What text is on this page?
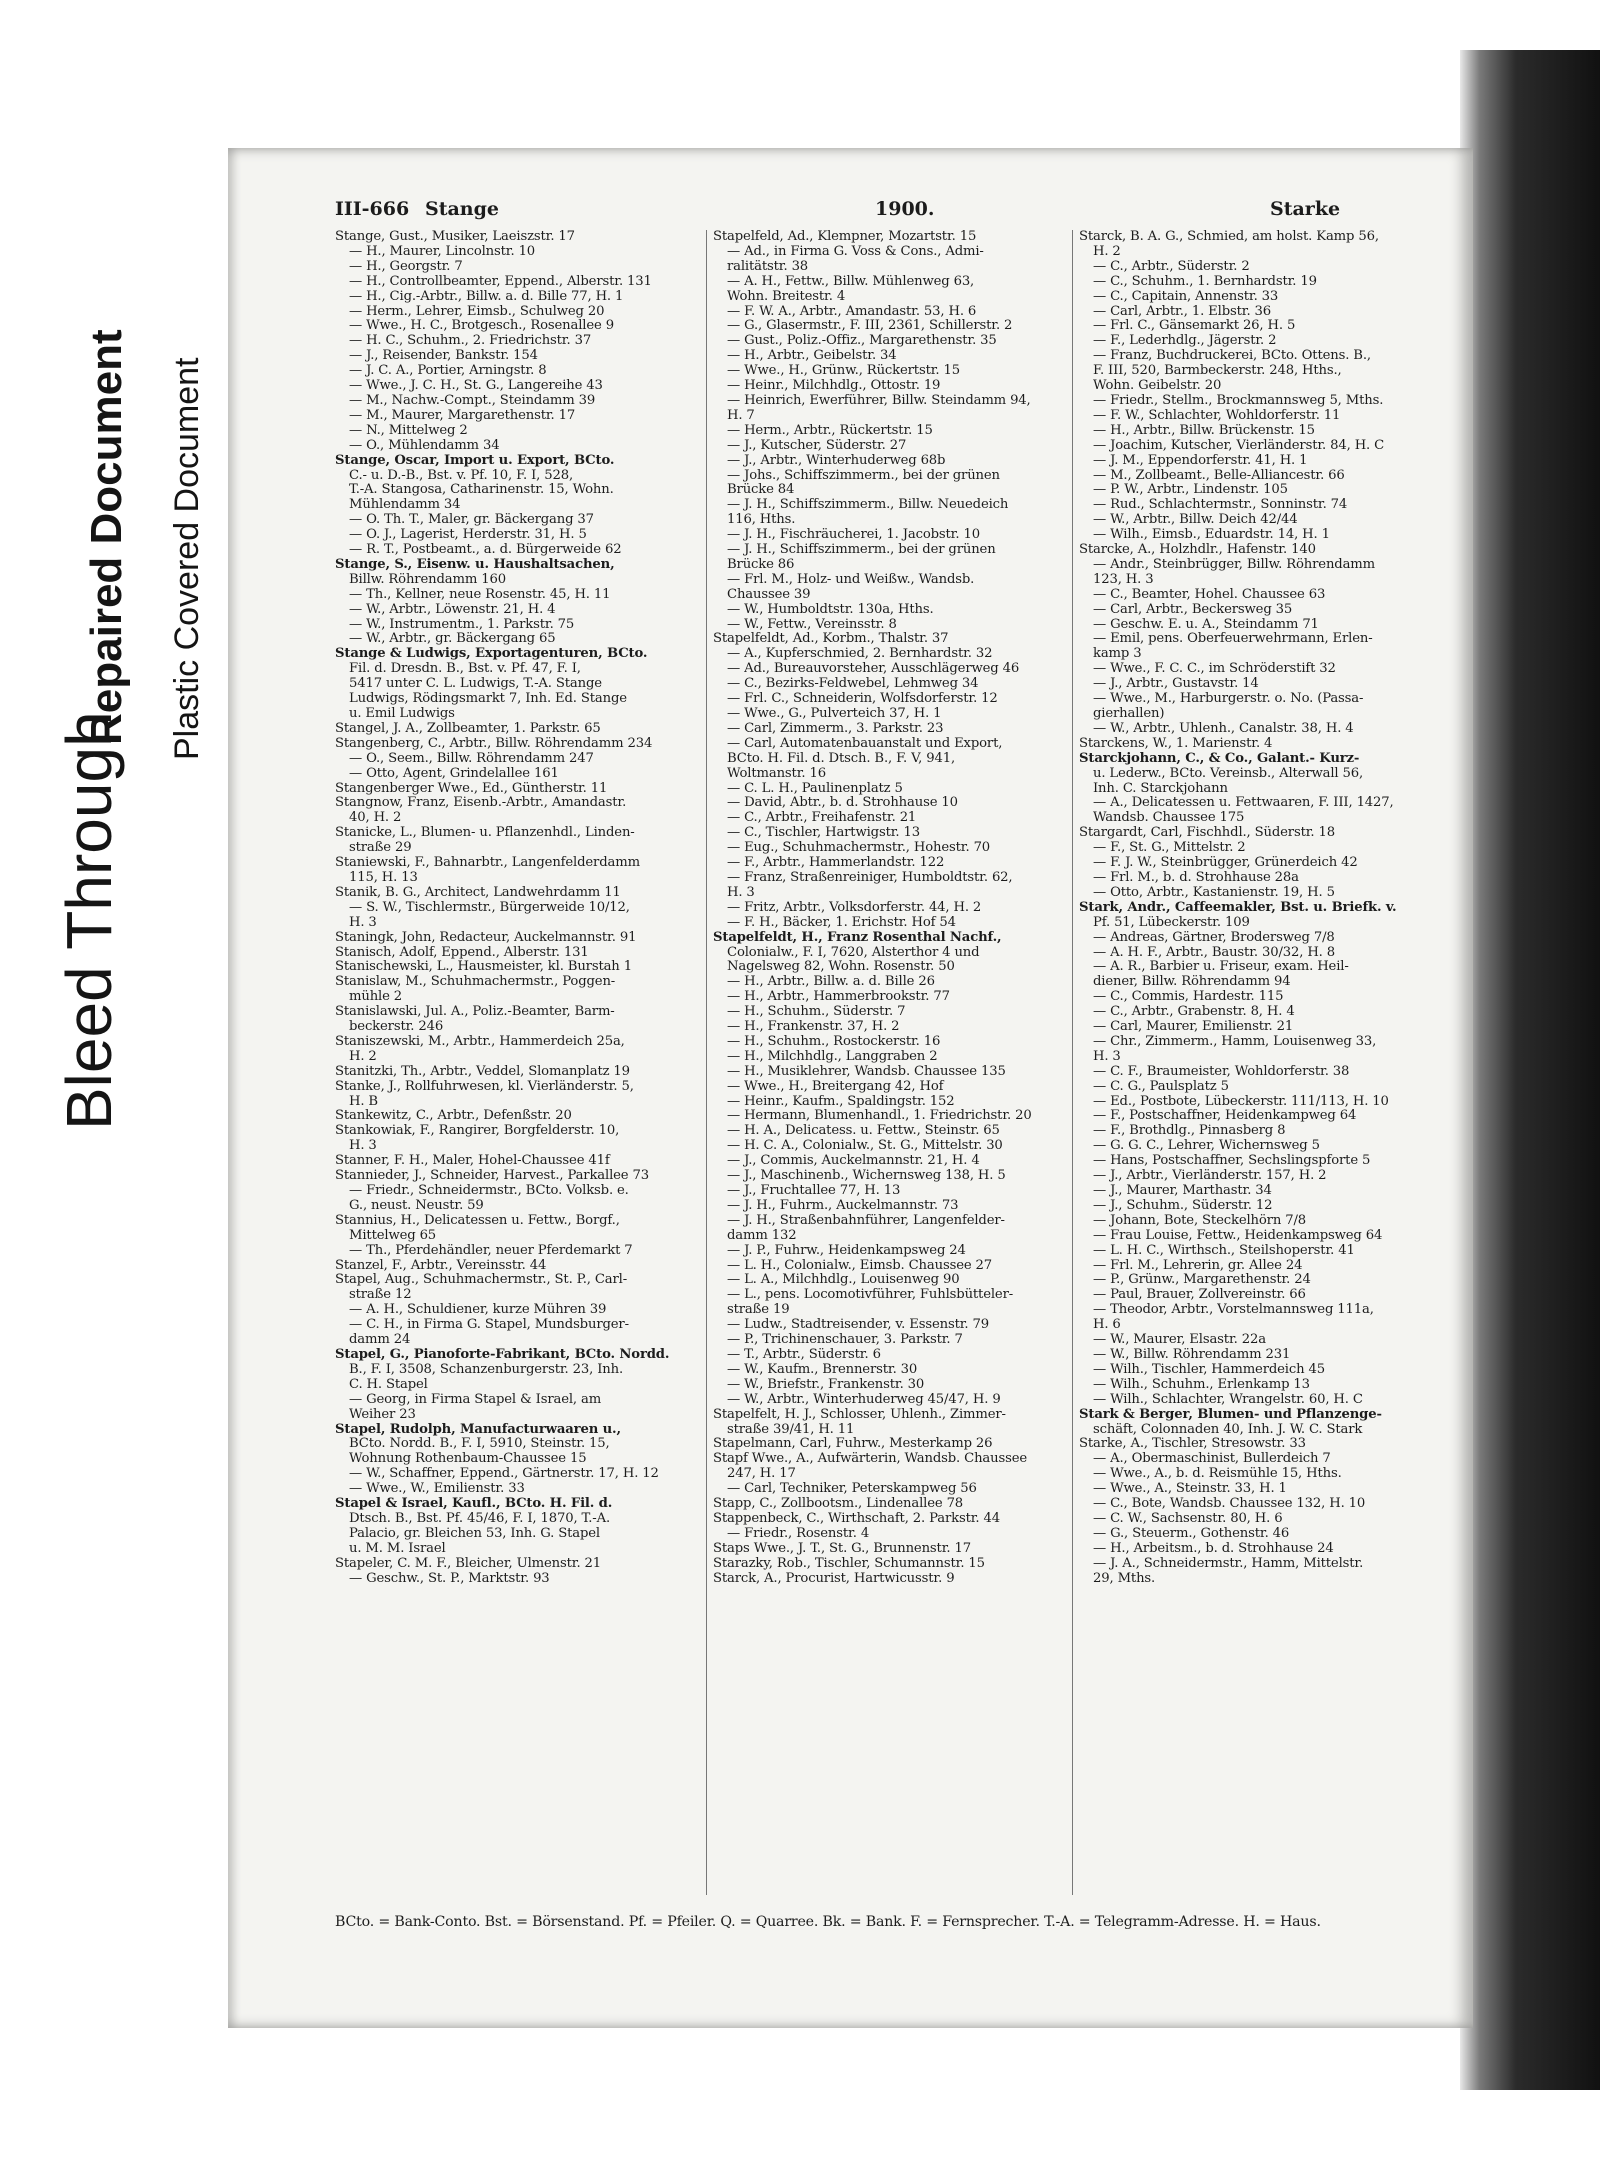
Bleed Through
Repaired Document Plastic Covered Document
III-666 Stange	1900.	Starke
Stange, Gust., Musiker, Laeiszstr. 17
— H., Maurer, Lincolnstr. 10
— H., Georgstr. 7
— H., Controllbeamter, Eppend., Alberstr. 131
— H., Cig.-Arbtr., Billw. a. d. Bille 77, H. 1
— Herm., Lehrer, Eimsb., Schulweg 20
— Wwe., H. C., Brotgesch., Rosenallee 9
— H. C., Schuhm., 2. Friedrichstr. 37
— J., Reisender, Bankstr. 154
— J. C. A., Portier, Arningstr. 8
— Wwe., J. C. H., St. G., Langereihe 43
— M., Nachw.-Compt., Steindamm 39
— M., Maurer, Margarethenstr. 17
— N., Mittelweg 2
— O., Mühlendamm 34
Stange, Oscar, Import u. Export, BCto.
C.- u. D.-B., Bst. v. Pf. 10, F. I, 528,
T.-A. Stangosa, Catharinenstr. 15, Wohn.
Mühlendamm 34
— O. Th. T., Maler, gr. Bäckergang 37
— O. J., Lagerist, Herderstr. 31, H. 5
— R. T., Postbeamt., a. d. Bürgerweide 62
Stange, S., Eisenw. u. Haushaltsachen,
Billw. Röhrendamm 160
— Th., Kellner, neue Rosenstr. 45, H. 11
— W., Arbtr., Löwenstr. 21, H. 4
— W., Instrumentm., 1. Parkstr. 75
— W., Arbtr., gr. Bäckergang 65
Stange & Ludwigs, Exportagenturen, BCto.
Fil. d. Dresdn. B., Bst. v. Pf. 47, F. I,
5417 unter C. L. Ludwigs, T.-A. Stange
Ludwigs, Rödingsmarkt 7, Inh. Ed. Stange
u. Emil Ludwigs
Stangel, J. A., Zollbeamter, 1. Parkstr. 65
Stangenberg, C., Arbtr., Billw. Röhrendamm 234
— O., Seem., Billw. Röhrendamm 247
— Otto, Agent, Grindelallee 161
Stangenberger Wwe., Ed., Güntherstr. 11
Stangnow, Franz, Eisenb.-Arbtr., Amandastr.
40, H. 2
Stanicke, L., Blumen- u. Pflanzenhdl., Linden-
straße 29
Staniewski, F., Bahnarbtr., Langenfelderdamm
115, H. 13
Stanik, B. G., Architect, Landwehrdamm 11
— S. W., Tischlermstr., Bürgerweide 10/12,
H. 3
Staningk, John, Redacteur, Auckelmannstr. 91
Stanisch, Adolf, Eppend., Alberstr. 131
Stanischewski, L., Hausmeister, kl. Burstah 1
Stanislaw, M., Schuhmachermstr., Poggen-
mühle 2
Stanislawski, Jul. A., Poliz.-Beamter, Barm-
beckerstr. 246
Staniszewski, M., Arbtr., Hammerdeich 25a,
H. 2
Stanitzki, Th., Arbtr., Veddel, Slomanplatz 19
Stanke, J., Rollfuhrwesen, kl. Vierländerstr. 5,
H. B
Stankewitz, C., Arbtr., Defenßstr. 20
Stankowiak, F., Rangirer, Borgfelderstr. 10,
H. 3
Stanner, F. H., Maler, Hohel-Chaussee 41f
Stannieder, J., Schneider, Harvest., Parkallee 73
— Friedr., Schneidermstr., BCto. Volksb. e.
G., neust. Neustr. 59
Stannius, H., Delicatessen u. Fettw., Borgf.,
Mittelweg 65
— Th., Pferdehändler, neuer Pferdemarkt 7
Stanzel, F., Arbtr., Vereinsstr. 44
Stapel, Aug., Schuhmachermstr., St. P., Carl-
straße 12
— A. H., Schuldiener, kurze Mühren 39
— C. H., in Firma G. Stapel, Mundsburger-
damm 24
Stapel, G., Pianoforte-Fabrikant, BCto. Nordd.
B., F. I, 3508, Schanzenburgerstr. 23, Inh.
C. H. Stapel
— Georg, in Firma Stapel & Israel, am
Weiher 23
Stapel, Rudolph, Manufacturwaaren u.,
BCto. Nordd. B., F. I, 5910, Steinstr. 15,
Wohnung Rothenbaum-Chaussee 15
— W., Schaffner, Eppend., Gärtnerstr. 17, H. 12
— Wwe., W., Emilienstr. 33
Stapel & Israel, Kaufl., BCto. H. Fil. d.
Dtsch. B., Bst. Pf. 45/46, F. I, 1870, T.-A.
Palacio, gr. Bleichen 53, Inh. G. Stapel
u. M. M. Israel
Stapeler, C. M. F., Bleicher, Ulmenstr. 21
— Geschw., St. P., Marktstr. 93
Stapelfeld, Ad., Klempner, Mozartstr. 15
— Ad., in Firma G. Voss & Cons., Admi-
ralitätstr. 38
— A. H., Fettw., Billw. Mühlenweg 63,
Wohn. Breitestr. 4
— F. W. A., Arbtr., Amandastr. 53, H. 6
— G., Glasermstr., F. III, 2361, Schillerstr. 2
— Gust., Poliz.-Offiz., Margarethenstr. 35
— H., Arbtr., Geibelstr. 34
— Wwe., H., Grünw., Rückertstr. 15
— Heinr., Milchhdlg., Ottostr. 19
— Heinrich, Ewerführer, Billw. Steindamm 94,
H. 7
— Herm., Arbtr., Rückertstr. 15
— J., Kutscher, Süderstr. 27
— J., Arbtr., Winterhuderweg 68b
— Johs., Schiffszimmerm., bei der grünen
Brücke 84
— J. H., Schiffszimmerm., Billw. Neuedeich
116, Hths.
— J. H., Fischräucherei, 1. Jacobstr. 10
— J. H., Schiffszimmerm., bei der grünen
Brücke 86
— Frl. M., Holz- und Weißw., Wandsb.
Chaussee 39
— W., Humboldtstr. 130a, Hths.
— W., Fettw., Vereinsstr. 8
Stapelfeldt, Ad., Korbm., Thalstr. 37
— A., Kupferschmied, 2. Bernhardstr. 32
— Ad., Bureauvorsteher, Ausschlägerweg 46
— C., Bezirks-Feldwebel, Lehmweg 34
— Frl. C., Schneiderin, Wolfsdorferstr. 12
— Wwe., G., Pulverteich 37, H. 1
— Carl, Zimmerm., 3. Parkstr. 23
— Carl, Automatenbauanstalt und Export,
BCto. H. Fil. d. Dtsch. B., F. V, 941,
Woltmanstr. 16
— C. L. H., Paulinenplatz 5
— David, Abtr., b. d. Strohhause 10
— C., Arbtr., Freihafenstr. 21
— C., Tischler, Hartwigstr. 13
— Eug., Schuhmachermstr., Hohestr. 70
— F., Arbtr., Hammerlandstr. 122
— Franz, Straßenreiniger, Humboldtstr. 62,
H. 3
— Fritz, Arbtr., Volksdorferstr. 44, H. 2
— F. H., Bäcker, 1. Erichstr. Hof 54
Stapelfeldt, H., Franz Rosenthal Nachf.,
Colonialw., F. I, 7620, Alsterthor 4 und
Nagelsweg 82, Wohn. Rosenstr. 50
— H., Arbtr., Billw. a. d. Bille 26
— H., Arbtr., Hammerbrookstr. 77
— H., Schuhm., Süderstr. 7
— H., Frankenstr. 37, H. 2
— H., Schuhm., Rostockerstr. 16
— H., Milchhdlg., Langgraben 2
— H., Musiklehrer, Wandsb. Chaussee 135
— Wwe., H., Breitergang 42, Hof
— Heinr., Kaufm., Spaldingstr. 152
— Hermann, Blumenhandl., 1. Friedrichstr. 20
— H. A., Delicatess. u. Fettw., Steinstr. 65
— H. C. A., Colonialw., St. G., Mittelstr. 30
— J., Commis, Auckelmannstr. 21, H. 4
— J., Maschinenb., Wichernsweg 138, H. 5
— J., Fruchtallee 77, H. 13
— J. H., Fuhrm., Auckelmannstr. 73
— J. H., Straßenbahnführer, Langenfelder-
damm 132
— J. P., Fuhrw., Heidenkampsweg 24
— L. H., Colonialw., Eimsb. Chaussee 27
— L. A., Milchhdlg., Louisenweg 90
— L., pens. Locomotivführer, Fuhlsbütteler-
straße 19
— Ludw., Stadtreisender, v. Essenstr. 79
— P., Trichinenschauer, 3. Parkstr. 7
— T., Arbtr., Süderstr. 6
— W., Kaufm., Brennerstr. 30
— W., Briefstr., Frankenstr. 30
— W., Arbtr., Winterhuderweg 45/47, H. 9
Stapelfelt, H. J., Schlosser, Uhlenh., Zimmer-
straße 39/41, H. 11
Stapelmann, Carl, Fuhrw., Mesterkamp 26
Stapf Wwe., A., Aufwärterin, Wandsb. Chaussee
247, H. 17
— Carl, Techniker, Peterskampweg 56
Stapp, C., Zollbootsm., Lindenallee 78
Stappenbeck, C., Wirthschaft, 2. Parkstr. 44
— Friedr., Rosenstr. 4
Staps Wwe., J. T., St. G., Brunnenstr. 17
Starazky, Rob., Tischler, Schumannstr. 15
Starck, A., Procurist, Hartwicusstr. 9
Starck, B. A. G., Schmied, am holst. Kamp 56,
H. 2
— C., Arbtr., Süderstr. 2
— C., Schuhm., 1. Bernhardstr. 19
— C., Capitain, Annenstr. 33
— Carl, Arbtr., 1. Elbstr. 36
— Frl. C., Gänsemarkt 26, H. 5
— F., Lederhdlg., Jägerstr. 2
— Franz, Buchdruckerei, BCto. Ottens. B.,
F. III, 520, Barmbeckerstr. 248, Hths.,
Wohn. Geibelstr. 20
— Friedr., Stellm., Brockmannsweg 5, Mths.
— F. W., Schlachter, Wohldorferstr. 11
— H., Arbtr., Billw. Brückenstr. 15
— Joachim, Kutscher, Vierländerstr. 84, H. C
— J. M., Eppendorferstr. 41, H. 1
— M., Zollbeamt., Belle-Alliancestr. 66
— P. W., Arbtr., Lindenstr. 105
— Rud., Schlachtermstr., Sonninstr. 74
— W., Arbtr., Billw. Deich 42/44
— Wilh., Eimsb., Eduardstr. 14, H. 1
Starcke, A., Holzhdlr., Hafenstr. 140
— Andr., Steinbrügger, Billw. Röhrendamm
123, H. 3
— C., Beamter, Hohel. Chaussee 63
— Carl, Arbtr., Beckersweg 35
— Geschw. E. u. A., Steindamm 71
— Emil, pens. Oberfeuerwehrmann, Erlen-
kamp 3
— Wwe., F. C. C., im Schröderstift 32
— J., Arbtr., Gustavstr. 14
— Wwe., M., Harburgerstr. o. No. (Passa-
gierhallen)
— W., Arbtr., Uhlenh., Canalstr. 38, H. 4
Starckens, W., 1. Marienstr. 4
Starckjohann, C., & Co., Galant.- Kurz-
u. Lederw., BCto. Vereinsb., Alterwall 56,
Inh. C. Starckjohann
— A., Delicatessen u. Fettwaaren, F. III, 1427,
Wandsb. Chaussee 175
Stargardt, Carl, Fischhdl., Süderstr. 18
— F., St. G., Mittelstr. 2
— F. J. W., Steinbrügger, Grünerdeich 42
— Frl. M., b. d. Strohhause 28a
— Otto, Arbtr., Kastanienstr. 19, H. 5
Stark, Andr., Caffeemakler, Bst. u. Briefk. v.
Pf. 51, Lübeckerstr. 109
— Andreas, Gärtner, Brodersweg 7/8
— A. H. F., Arbtr., Baustr. 30/32, H. 8
— A. R., Barbier u. Friseur, exam. Heil-
diener, Billw. Röhrendamm 94
— C., Commis, Hardestr. 115
— C., Arbtr., Grabenstr. 8, H. 4
— Carl, Maurer, Emilienstr. 21
— Chr., Zimmerm., Hamm, Louisenweg 33,
H. 3
— C. F., Braumeister, Wohldorferstr. 38
— C. G., Paulsplatz 5
— Ed., Postbote, Lübeckerstr. 111/113, H. 10
— F., Postschaffner, Heidenkampweg 64
— F., Brothdlg., Pinnasberg 8
— G. G. C., Lehrer, Wichernsweg 5
— Hans, Postschaffner, Sechslingspforte 5
— J., Arbtr., Vierländerstr. 157, H. 2
— J., Maurer, Marthastr. 34
— J., Schuhm., Süderstr. 12
— Johann, Bote, Steckelhörn 7/8
— Frau Louise, Fettw., Heidenkampsweg 64
— L. H. C., Wirthsch., Steilshoperstr. 41
— Frl. M., Lehrerin, gr. Allee 24
— P., Grünw., Margarethenstr. 24
— Paul, Brauer, Zollvereinstr. 66
— Theodor, Arbtr., Vorstelmannsweg 111a,
H. 6
— W., Maurer, Elsastr. 22a
— W., Billw. Röhrendamm 231
— Wilh., Tischler, Hammerdeich 45
— Wilh., Schuhm., Erlenkamp 13
— Wilh., Schlachter, Wrangelstr. 60, H. C
Stark & Berger, Blumen- und Pflanzenge-
schäft, Colonnaden 40, Inh. J. W. C. Stark
Starke, A., Tischler, Stresowstr. 33
— A., Obermaschinist, Bullerdeich 7
— Wwe., A., b. d. Reismühle 15, Hths.
— Wwe., A., Steinstr. 33, H. 1
— C., Bote, Wandsb. Chaussee 132, H. 10
— C. W., Sachsenstr. 80, H. 6
— G., Steuerm., Gothenstr. 46
— H., Arbeitsm., b. d. Strohhause 24
— J. A., Schneidermstr., Hamm, Mittelstr.
29, Mths.
BCto. = Bank-Conto. Bst. = Börsenstand. Pf. = Pfeiler. Q. = Quarree. Bk. = Bank. F. = Fernsprecher. T.-A. = Telegramm-Adresse. H. = Haus.
